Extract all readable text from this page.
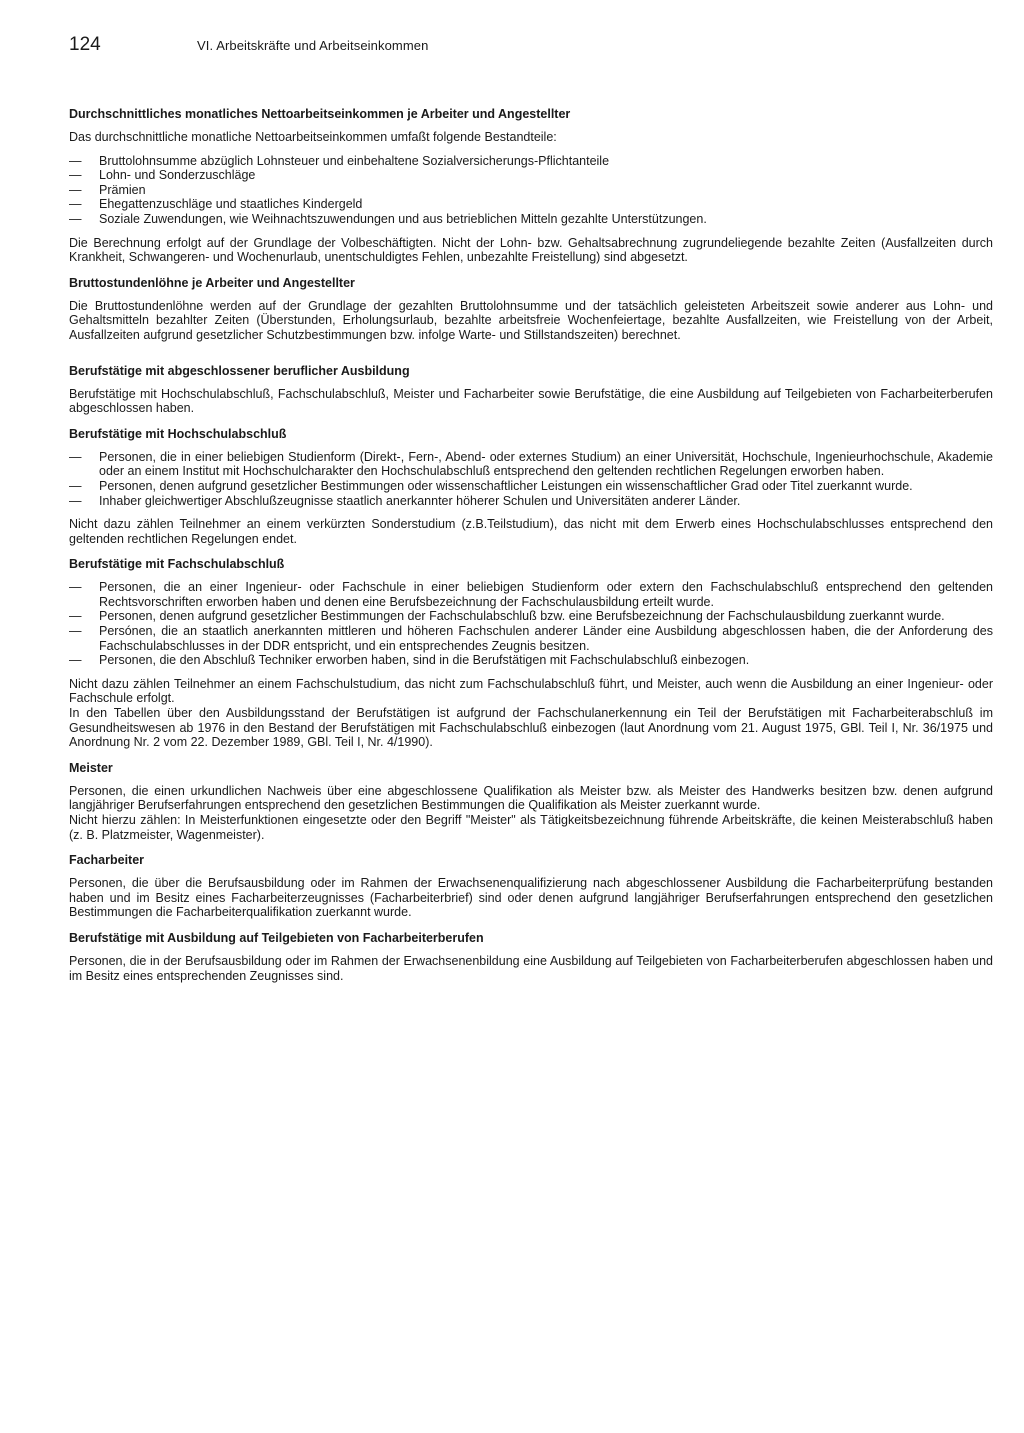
124	VI. Arbeitskräfte und Arbeitseinkommen
Durchschnittliches monatliches Nettoarbeitseinkommen je Arbeiter und Angestellter

Das durchschnittliche monatliche Nettoarbeitseinkommen umfaßt folgende Bestandteile:

— Bruttolohnsumme abzüglich Lohnsteuer und einbehaltene Sozialversicherungs-Pflichtanteile
— Lohn- und Sonderzuschläge
— Prämien
— Ehegattenzuschläge und staatliches Kindergeld
— Soziale Zuwendungen, wie Weihnachtszuwendungen und aus betrieblichen Mitteln gezahlte Unterstützungen.

Die Berechnung erfolgt auf der Grundlage der Volbeschäftigten. Nicht der Lohn- bzw. Gehaltsabrechnung zugrundeliegende bezahlte Zeiten (Ausfallzeiten durch Krankheit, Schwangeren- und Wochenurlaub, unentschuldigtes Fehlen, unbezahlte Freistellung) sind abgesetzt.

Bruttostundenlöhne je Arbeiter und Angestellter

Die Bruttostundenlöhne werden auf der Grundlage der gezahlten Bruttolohnsumme und der tatsächlich geleisteten Arbeitszeit sowie anderer aus Lohn- und Gehaltsmitteln bezahlter Zeiten (Überstunden, Erholungsurlaub, bezahlte arbeitsfreie Wochenfeiertage, bezahlte Ausfallzeiten, wie Freistellung von der Arbeit, Ausfallzeiten aufgrund gesetzlicher Schutzbestimmungen bzw. infolge Warte- und Stillstandszeiten) berechnet.

Berufstätige mit abgeschlossener beruflicher Ausbildung

Berufstätige mit Hochschulabschluß, Fachschulabschluß, Meister und Facharbeiter sowie Berufstätige, die eine Ausbildung auf Teilgebieten von Facharbeiterberufen abgeschlossen haben.

Berufstätige mit Hochschulabschluß
— Personen, die in einer beliebigen Studienform (Direkt-, Fern-, Abend- oder externes Studium) an einer Universität, Hochschule, Ingenieurhochschule, Akademie oder an einem Institut mit Hochschulcharakter den Hochschulabschluß entsprechend den geltenden rechtlichen Regelungen erworben haben.
— Personen, denen aufgrund gesetzlicher Bestimmungen oder wissenschaftlicher Leistungen ein wissenschaftlicher Grad oder Titel zuerkannt wurde.
— Inhaber gleichwertiger Abschlußzeugnisse staatlich anerkannter höherer Schulen und Universitäten anderer Länder.

Nicht dazu zählen Teilnehmer an einem verkürzten Sonderstudium (z.B.Teilstudium), das nicht mit dem Erwerb eines Hochschulabschlusses entsprechend den geltenden rechtlichen Regelungen endet.

Berufstätige mit Fachschulabschluß
— Personen, die an einer Ingenieur- oder Fachschule in einer beliebigen Studienform oder extern den Fachschulabschluß entsprechend den geltenden Rechtsvorschriften erworben haben und denen eine Berufsbezeichnung der Fachschulausbildung erteilt wurde.
— Personen, denen aufgrund gesetzlicher Bestimmungen der Fachschulabschluß bzw. eine Berufsbezeichnung der Fachschulausbildung zuerkannt wurde.
— Persónen, die an staatlich anerkannten mittleren und höheren Fachschulen anderer Länder eine Ausbildung abgeschlossen haben, die der Anforderung des Fachschulabschlusses in der DDR entspricht, und ein entsprechendes Zeugnis besitzen.
— Personen, die den Abschluß Techniker erworben haben, sind in die Berufstätigen mit Fachschulabschluß einbezogen.

Nicht dazu zählen Teilnehmer an einem Fachschulstudium, das nicht zum Fachschulabschluß führt, und Meister, auch wenn die Ausbildung an einer Ingenieur- oder Fachschule erfolgt.

In den Tabellen über den Ausbildungsstand der Berufstätigen ist aufgrund der Fachschulanerkennung ein Teil der Berufstätigen mit Facharbeiterabschluß im Gesundheitswesen ab 1976 in den Bestand der Berufstätigen mit Fachschulabschluß einbezogen (laut Anordnung vom 21. August 1975, GBl. Teil I, Nr. 36/1975 und Anordnung Nr. 2 vom 22. Dezember 1989, GBl. Teil I, Nr. 4/1990).

Meister

Personen, die einen urkundlichen Nachweis über eine abgeschlossene Qualifikation als Meister bzw. als Meister des Handwerks besitzen bzw. denen aufgrund langjähriger Berufserfahrungen entsprechend den gesetzlichen Bestimmungen die Qualifikation als Meister zuerkannt wurde.

Nicht hierzu zählen: In Meisterfunktionen eingesetzte oder den Begriff "Meister" als Tätigkeitsbezeichnung führende Arbeitskräfte, die keinen Meisterabschluß haben (z. B. Platzmeister, Wagenmeister).

Facharbeiter

Personen, die über die Berufsausbildung oder im Rahmen der Erwachsenenqualifizierung nach abgeschlossener Ausbildung die Facharbeiterprüfung bestanden haben und im Besitz eines Facharbeiterzeugnisses (Facharbeiterbrief) sind oder denen aufgrund langjähriger Berufserfahrungen entsprechend den gesetzlichen Bestimmungen die Facharbeiterqualifikation zuerkannt wurde.

Berufstätige mit Ausbildung auf Teilgebieten von Facharbeiterberufen

Personen, die in der Berufsausbildung oder im Rahmen der Erwachsenenbildung eine Ausbildung auf Teilgebieten von Facharbeiterberufen abgeschlossen haben und im Besitz eines entsprechenden Zeugnisses sind.
